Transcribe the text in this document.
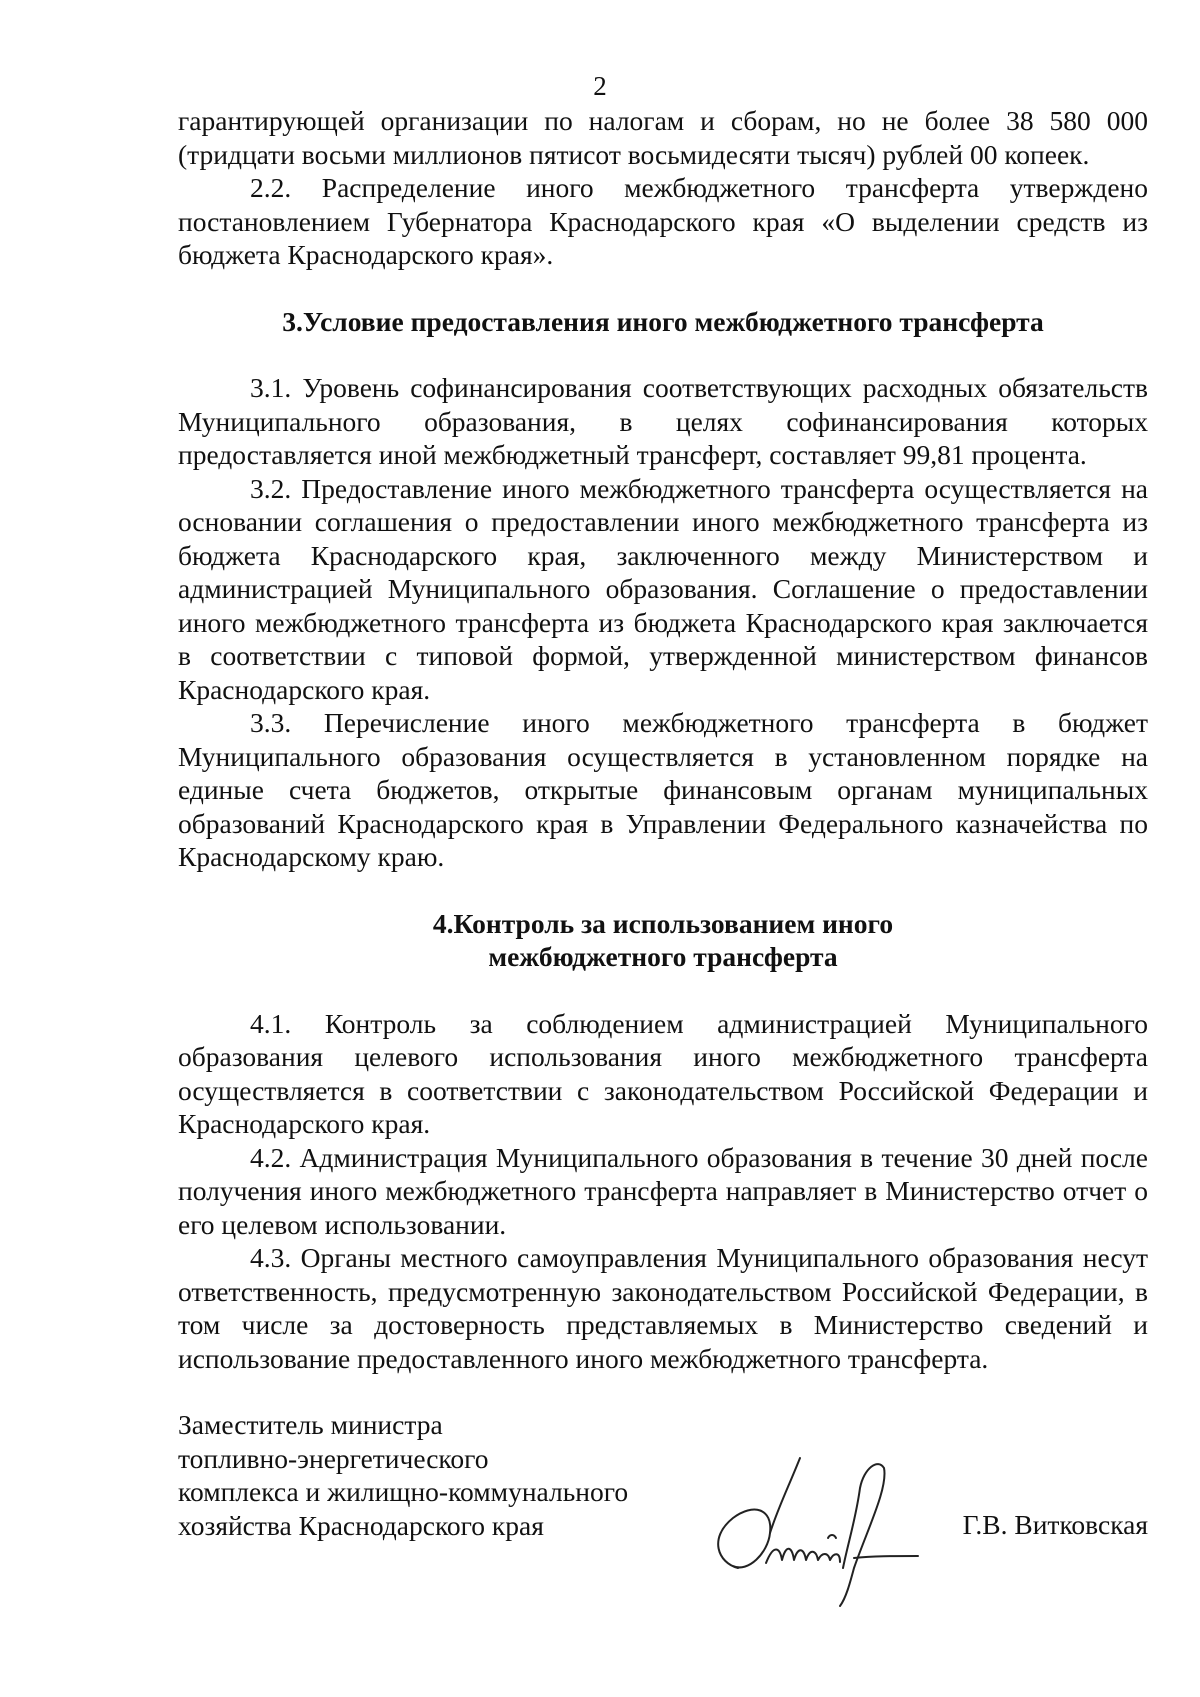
2

гарантирующей организации по налогам и сборам, но не более 38 580 000 (тридцати восьми миллионов пятисот восьмидесяти тысяч) рублей 00 копеек.

2.2. Распределение иного межбюджетного трансферта утверждено постановлением Губернатора Краснодарского края «О выделении средств из бюджета Краснодарского края».

3.Условие предоставления иного межбюджетного трансферта

3.1. Уровень софинансирования соответствующих расходных обязательств Муниципального образования, в целях софинансирования которых предоставляется иной межбюджетный трансферт, составляет 99,81 процента.

3.2. Предоставление иного межбюджетного трансферта осуществляется на основании соглашения о предоставлении иного межбюджетного трансферта из бюджета Краснодарского края, заключенного между Министерством и администрацией Муниципального образования. Соглашение о предоставлении иного межбюджетного трансферта из бюджета Краснодарского края заключается в соответствии с типовой формой, утвержденной министерством финансов Краснодарского края.

3.3. Перечисление иного межбюджетного трансферта в бюджет Муниципального образования осуществляется в установленном порядке на единые счета бюджетов, открытые финансовым органам муниципальных образований Краснодарского края в Управлении Федерального казначейства по Краснодарскому краю.

4.Контроль за использованием иного
межбюджетного трансферта

4.1. Контроль за соблюдением администрацией Муниципального образования целевого использования иного межбюджетного трансферта осуществляется в соответствии с законодательством Российской Федерации и Краснодарского края.

4.2. Администрация Муниципального образования в течение 30 дней после получения иного межбюджетного трансферта направляет в Министерство отчет о его целевом использовании.

4.3. Органы местного самоуправления Муниципального образования несут ответственность, предусмотренную законодательством Российской Федерации, в том числе за достоверность представляемых в Министерство сведений и использование предоставленного иного межбюджетного трансферта.

Заместитель министра
топливно-энергетического
комплекса и жилищно-коммунального
хозяйства Краснодарского края	Г.В. Витковская
